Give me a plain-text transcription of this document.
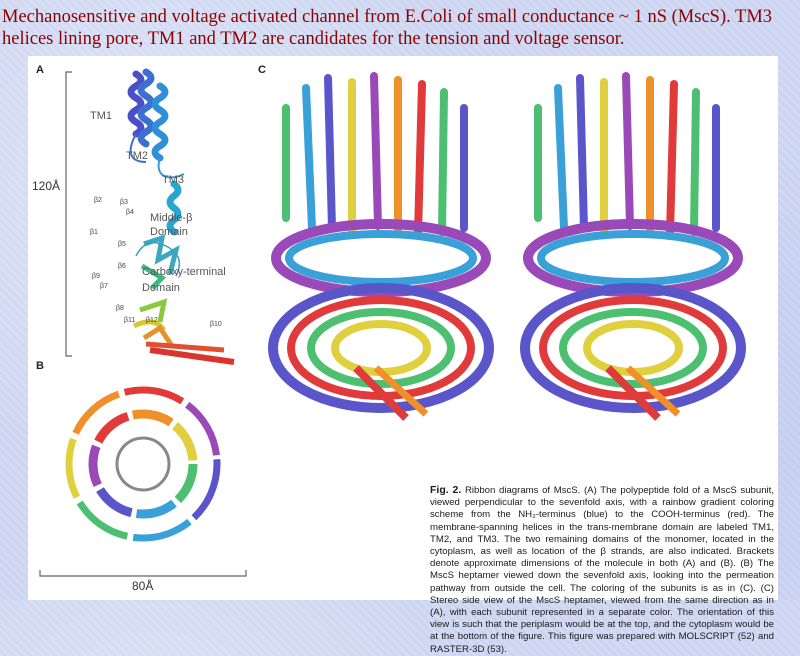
Mechanosensitive and voltage activated channel from E.Coli of small conductance ~ 1 nS (MscS). TM3 helices lining pore, TM1 and TM2 are candidates for the tension and voltage sensor.
A
120Å
TM1
TM2
TM3
Middle-β
Domain
Carboxy-terminal
Domain
β2
β1
β4
β3
β5
β6
β9
β7
β8
β11 β12
β10
B
80Å
C
Fig. 2. Ribbon diagrams of MscS. (A) The polypeptide fold of a MscS subunit, viewed perpendicular to the sevenfold axis, with a rainbow gradient coloring scheme from the NH₂-terminus (blue) to the COOH-terminus (red). The membrane-spanning helices in the trans-membrane domain are labeled TM1, TM2, and TM3. The two remaining domains of the monomer, located in the cytoplasm, as well as location of the β strands, are also indicated. Brackets denote approximate dimensions of the molecule in both (A) and (B). (B) The MscS heptamer viewed down the sevenfold axis, looking into the permeation pathway from outside the cell. The coloring of the subunits is as in (C). (C) Stereo side view of the MscS heptamer, viewed from the same direction as in (A), with each subunit represented in a separate color. The orientation of this view is such that the periplasm would be at the top, and the cytoplasm would be at the bottom of the figure. This figure was prepared with MOLSCRIPT (52) and RASTER-3D (53).
